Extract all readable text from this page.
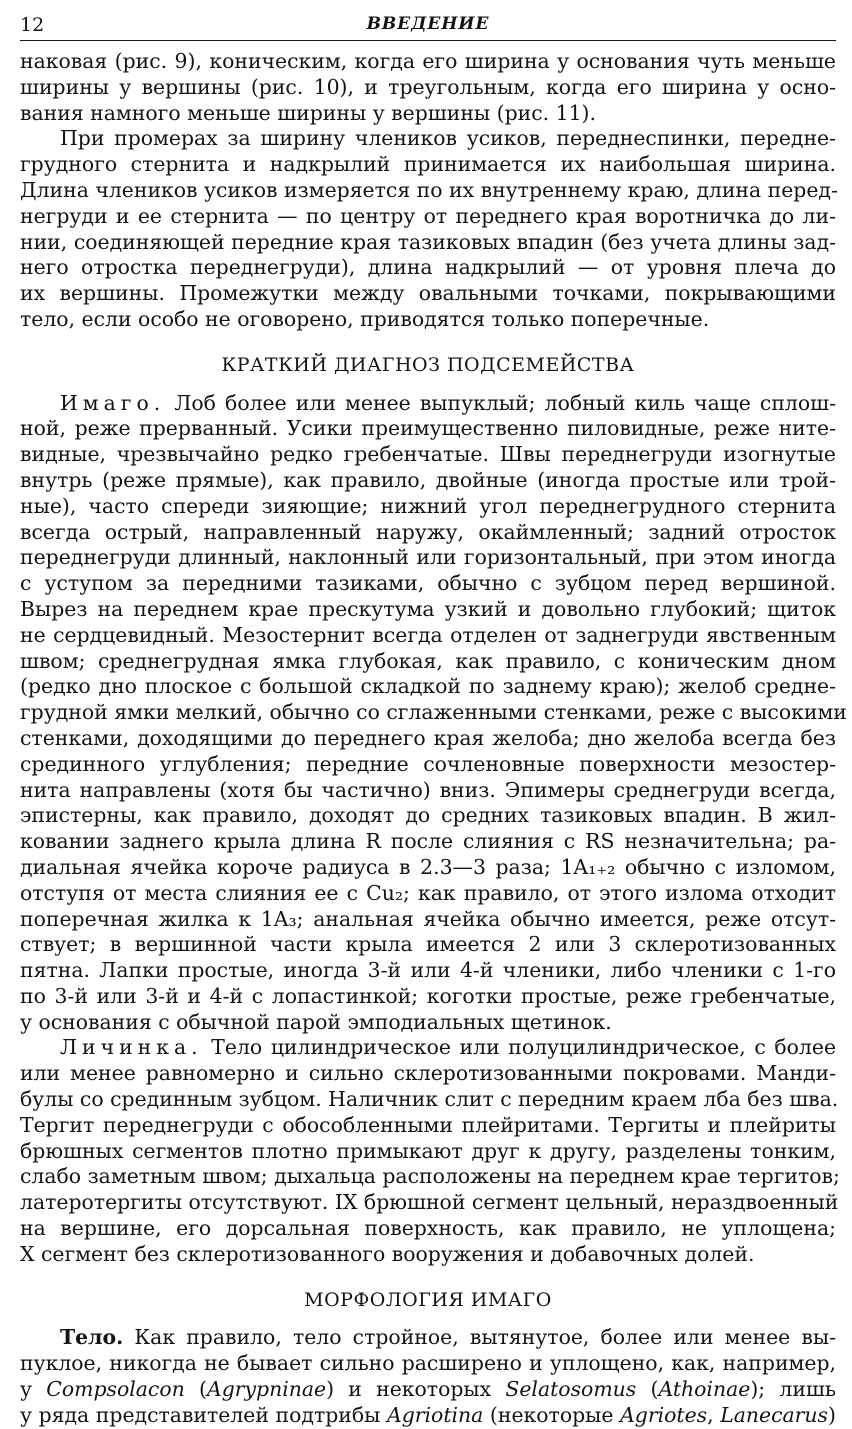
12	ВВЕДЕНИЕ
наковая (рис. 9), коническим, когда его ширина у основания чуть меньше
ширины у вершины (рис. 10), и треугольным, когда его ширина у осно-
вания намного меньше ширины у вершины (рис. 11).
При промерах за ширину члеников усиков, переднеспинки, передне-
грудного стернита и надкрылий принимается их наибольшая ширина.
Длина члеников усиков измеряется по их внутреннему краю, длина перед-
негруди и ее стернита — по центру от переднего края воротничка до ли-
нии, соединяющей передние края тазиковых впадин (без учета длины зад-
него отростка переднегруди), длина надкрылий — от уровня плеча до
их вершины. Промежутки между овальными точками, покрывающими
тело, если особо не оговорено, приводятся только поперечные.
КРАТКИЙ ДИАГНОЗ ПОДСЕМЕЙСТВА
Имаго. Лоб более или менее выпуклый; лобный киль чаще сплош-
ной, реже прерванный. Усики преимущественно пиловидные, реже нитe-
видные, чрезвычайно редко гребенчатые. Швы переднегруди изогнутые
внутрь (реже прямые), как правило, двойные (иногда простые или трой-
ные), часто спереди зияющие; нижний угол переднегрудного стернита
всегда острый, направленный наружу, окаймленный; задний отросток
переднегруди длинный, наклонный или горизонтальный, при этом иногда
с уступом за передними тазиками, обычно с зубцом перед вершиной.
Вырез на переднем крае прескутума узкий и довольно глубокий; щиток
не сердцевидный. Мезостернит всегда отделен от заднегруди явственным
швом; среднегрудная ямка глубокая, как правило, с коническим дном
(редко дно плоское с большой складкой по заднему краю); желоб средне-
грудной ямки мелкий, обычно со сглаженными стенками, реже с высокими
стенками, доходящими до переднего края желоба; дно желоба всегда без
срединного углубления; передние сочленовные поверхности мезостер-
нита направлены (хотя бы частично) вниз. Эпимеры среднегруди всегда,
эпистерны, как правило, доходят до средних тазиковых впадин. В жил-
ковании заднего крыла длина R после слияния с RS незначительна; ра-
диальная ячейка короче радиуса в 2.3—3 раза; 1A₁₊₂ обычно с изломом,
отступя от места слияния ее с Cu₂; как правило, от этого излома отходит
поперечная жилка к 1A₃; анальная ячейка обычно имеется, реже отсут-
ствует; в вершинной части крыла имеется 2 или 3 склеротизованных
пятна. Лапки простые, иногда 3-й или 4-й членики, либо членики с 1-го
по 3-й или 3-й и 4-й с лопастинкой; коготки простые, реже гребенчатые,
у основания с обычной парой эмподиальных щетинок.
Личинка. Тело цилиндрическое или полуцилиндрическое, с более
или менее равномерно и сильно склеротизованными покровами. Манди-
булы со срединным зубцом. Наличник слит с передним краем лба без шва.
Тергит переднегруди с обособленными плейритами. Тергиты и плейриты
брюшных сегментов плотно примыкают друг к другу, разделены тонким,
слабо заметным швом; дыхальца расположены на переднем крае тергитов;
латеротергиты отсутствуют. IX брюшной сегмент цельный, нераздвоенный
на вершине, его дорсальная поверхность, как правило, не уплощена;
X сегмент без склеротизованного вооружения и добавочных долей.
МОРФОЛОГИЯ ИМАГО
Тело. Как правило, тело стройное, вытянутое, более или менее вы-
пуклое, никогда не бывает сильно расширено и уплощено, как, например,
у Compsolacon (Agrypninae) и некоторых Selatosomus (Athoinae); лишь
у ряда представителей подтрибы Agriotina (некоторые Agriotes, Lanecarus)
